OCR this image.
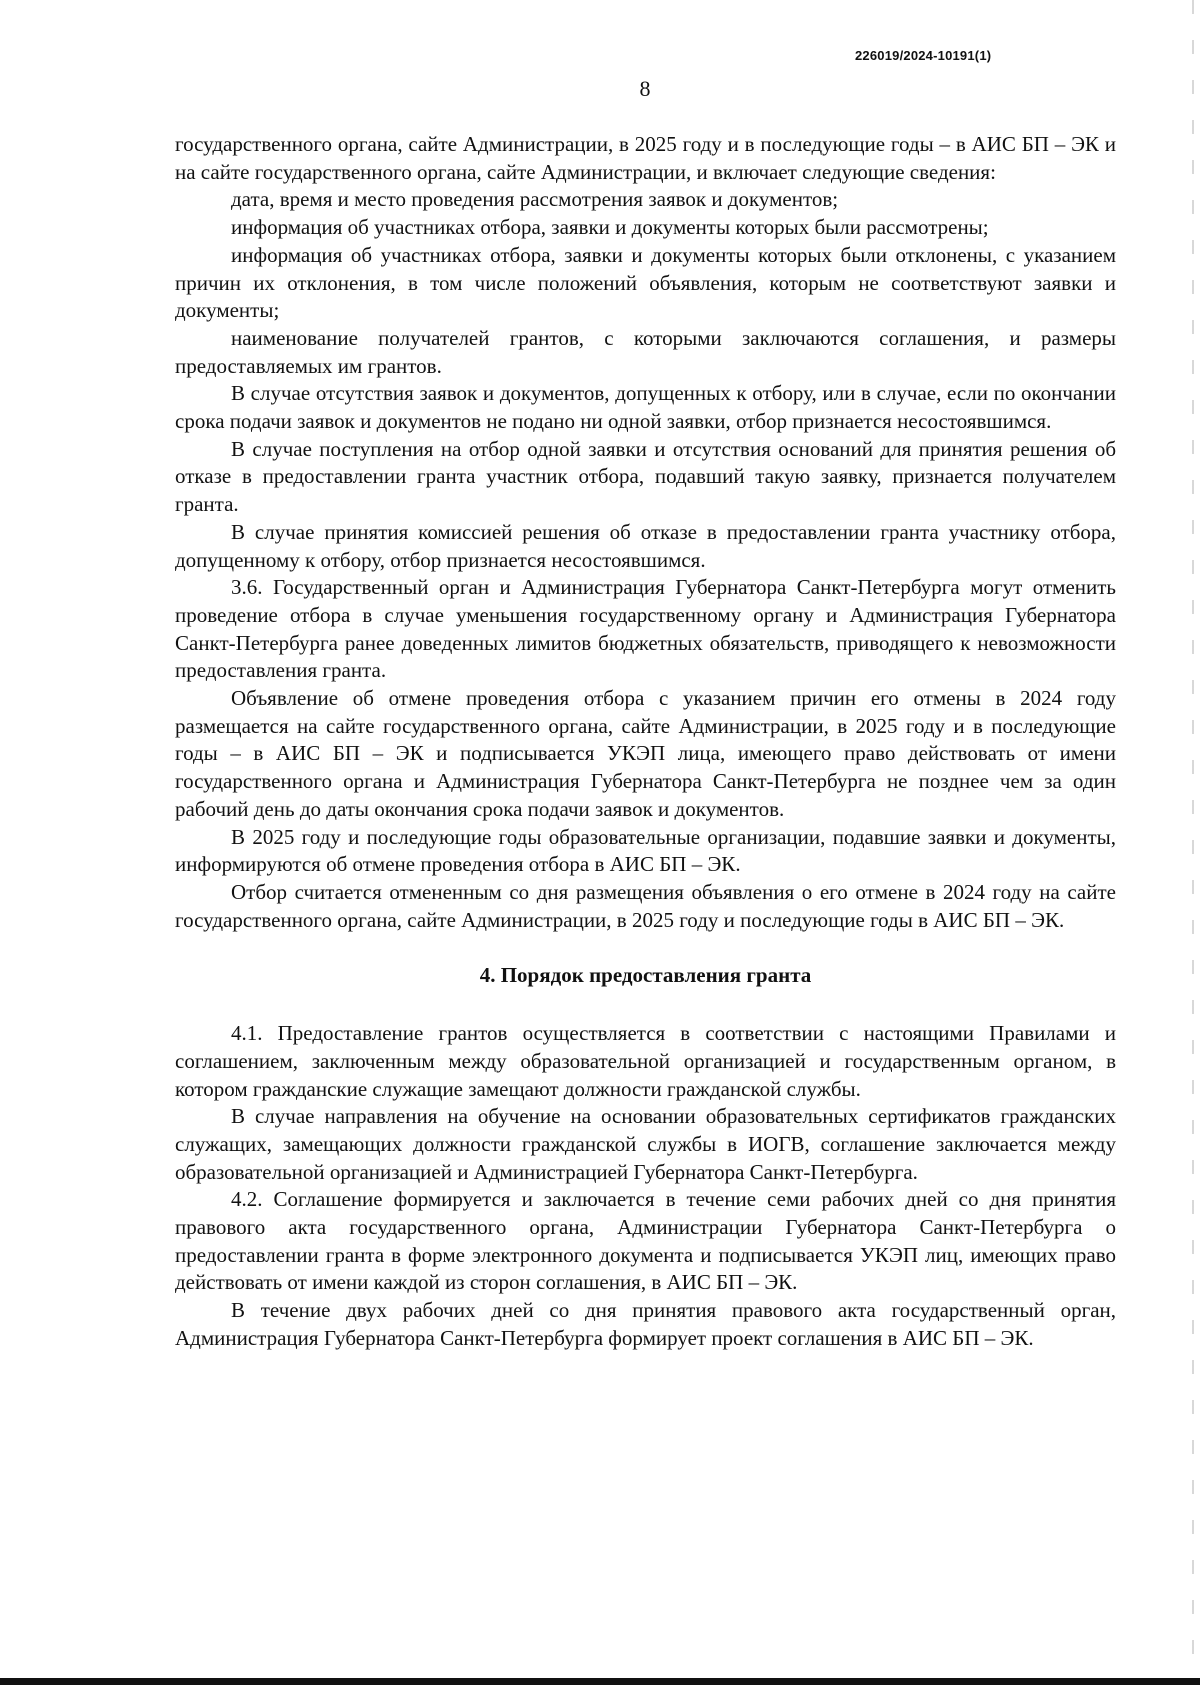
226019/2024-10191(1)
8

государственного органа, сайте Администрации, в 2025 году и в последующие годы – в АИС БП – ЭК и на сайте государственного органа, сайте Администрации, и включает следующие сведения:

дата, время и место проведения рассмотрения заявок и документов;

информация об участниках отбора, заявки и документы которых были рассмотрены;

информация об участниках отбора, заявки и документы которых были отклонены, с указанием причин их отклонения, в том числе положений объявления, которым не соответствуют заявки и документы;

наименование получателей грантов, с которыми заключаются соглашения, и размеры предоставляемых им грантов.

В случае отсутствия заявок и документов, допущенных к отбору, или в случае, если по окончании срока подачи заявок и документов не подано ни одной заявки, отбор признается несостоявшимся.

В случае поступления на отбор одной заявки и отсутствия оснований для принятия решения об отказе в предоставлении гранта участник отбора, подавший такую заявку, признается получателем гранта.

В случае принятия комиссией решения об отказе в предоставлении гранта участнику отбора, допущенному к отбору, отбор признается несостоявшимся.

3.6. Государственный орган и Администрация Губернатора Санкт-Петербурга могут отменить проведение отбора в случае уменьшения государственному органу и Администрация Губернатора Санкт-Петербурга ранее доведенных лимитов бюджетных обязательств, приводящего к невозможности предоставления гранта.

Объявление об отмене проведения отбора с указанием причин его отмены в 2024 году размещается на сайте государственного органа, сайте Администрации, в 2025 году и в последующие годы – в АИС БП – ЭК и подписывается УКЭП лица, имеющего право действовать от имени государственного органа и Администрация Губернатора Санкт-Петербурга не позднее чем за один рабочий день до даты окончания срока подачи заявок и документов.

В 2025 году и последующие годы образовательные организации, подавшие заявки и документы, информируются об отмене проведения отбора в АИС БП – ЭК.

Отбор считается отмененным со дня размещения объявления о его отмене в 2024 году на сайте государственного органа, сайте Администрации, в 2025 году и последующие годы в АИС БП – ЭК.

4. Порядок предоставления гранта

4.1. Предоставление грантов осуществляется в соответствии с настоящими Правилами и соглашением, заключенным между образовательной организацией и государственным органом, в котором гражданские служащие замещают должности гражданской службы.

В случае направления на обучение на основании образовательных сертификатов гражданских служащих, замещающих должности гражданской службы в ИОГВ, соглашение заключается между образовательной организацией и Администрацией Губернатора Санкт-Петербурга.

4.2. Соглашение формируется и заключается в течение семи рабочих дней со дня принятия правового акта государственного органа, Администрации Губернатора Санкт-Петербурга о предоставлении гранта в форме электронного документа и подписывается УКЭП лиц, имеющих право действовать от имени каждой из сторон соглашения, в АИС БП – ЭК.

В течение двух рабочих дней со дня принятия правового акта государственный орган, Администрация Губернатора Санкт-Петербурга формирует проект соглашения в АИС БП – ЭК.
